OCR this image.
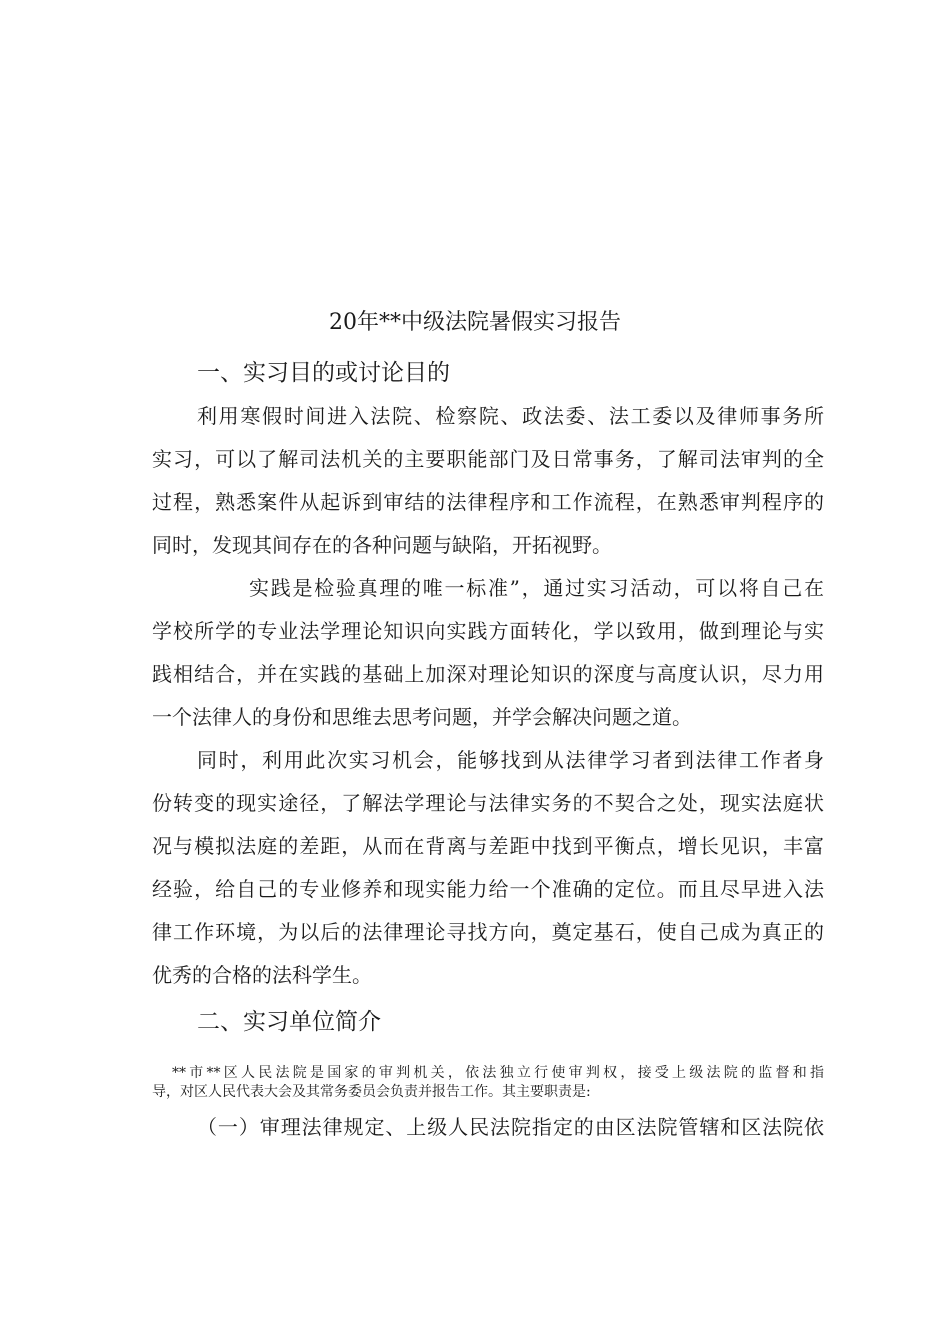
20年**中级法院暑假实习报告
一、实习目的或讨论目的

利用寒假时间进入法院、检察院、政法委、法工委以及律师事务所

实习，可以了解司法机关的主要职能部门及日常事务，了解司法审判的全

过程，熟悉案件从起诉到审结的法律程序和工作流程，在熟悉审判程序的

同时，发现其间存在的各种问题与缺陷，开拓视野。

实践是检验真理的唯一标准”，通过实习活动，可以将自己在

学校所学的专业法学理论知识向实践方面转化，学以致用，做到理论与实

践相结合，并在实践的基础上加深对理论知识的深度与高度认识，尽力用

一个法律人的身份和思维去思考问题，并学会解决问题之道。

同时，利用此次实习机会，能够找到从法律学习者到法律工作者身

份转变的现实途径，了解法学理论与法律实务的不契合之处，现实法庭状

况与模拟法庭的差距，从而在背离与差距中找到平衡点，增长见识，丰富

经验，给自己的专业修养和现实能力给一个准确的定位。而且尽早进入法

律工作环境，为以后的法律理论寻找方向，奠定基石，使自己成为真正的

优秀的合格的法科学生。

二、实习单位简介

**市**区人民法院是国家的审判机关，依法独立行使审判权，接受上级法院的监督和指

导，对区人民代表大会及其常务委员会负责并报告工作。其主要职责是:

（一）审理法律规定、上级人民法院指定的由区法院管辖和区法院依
